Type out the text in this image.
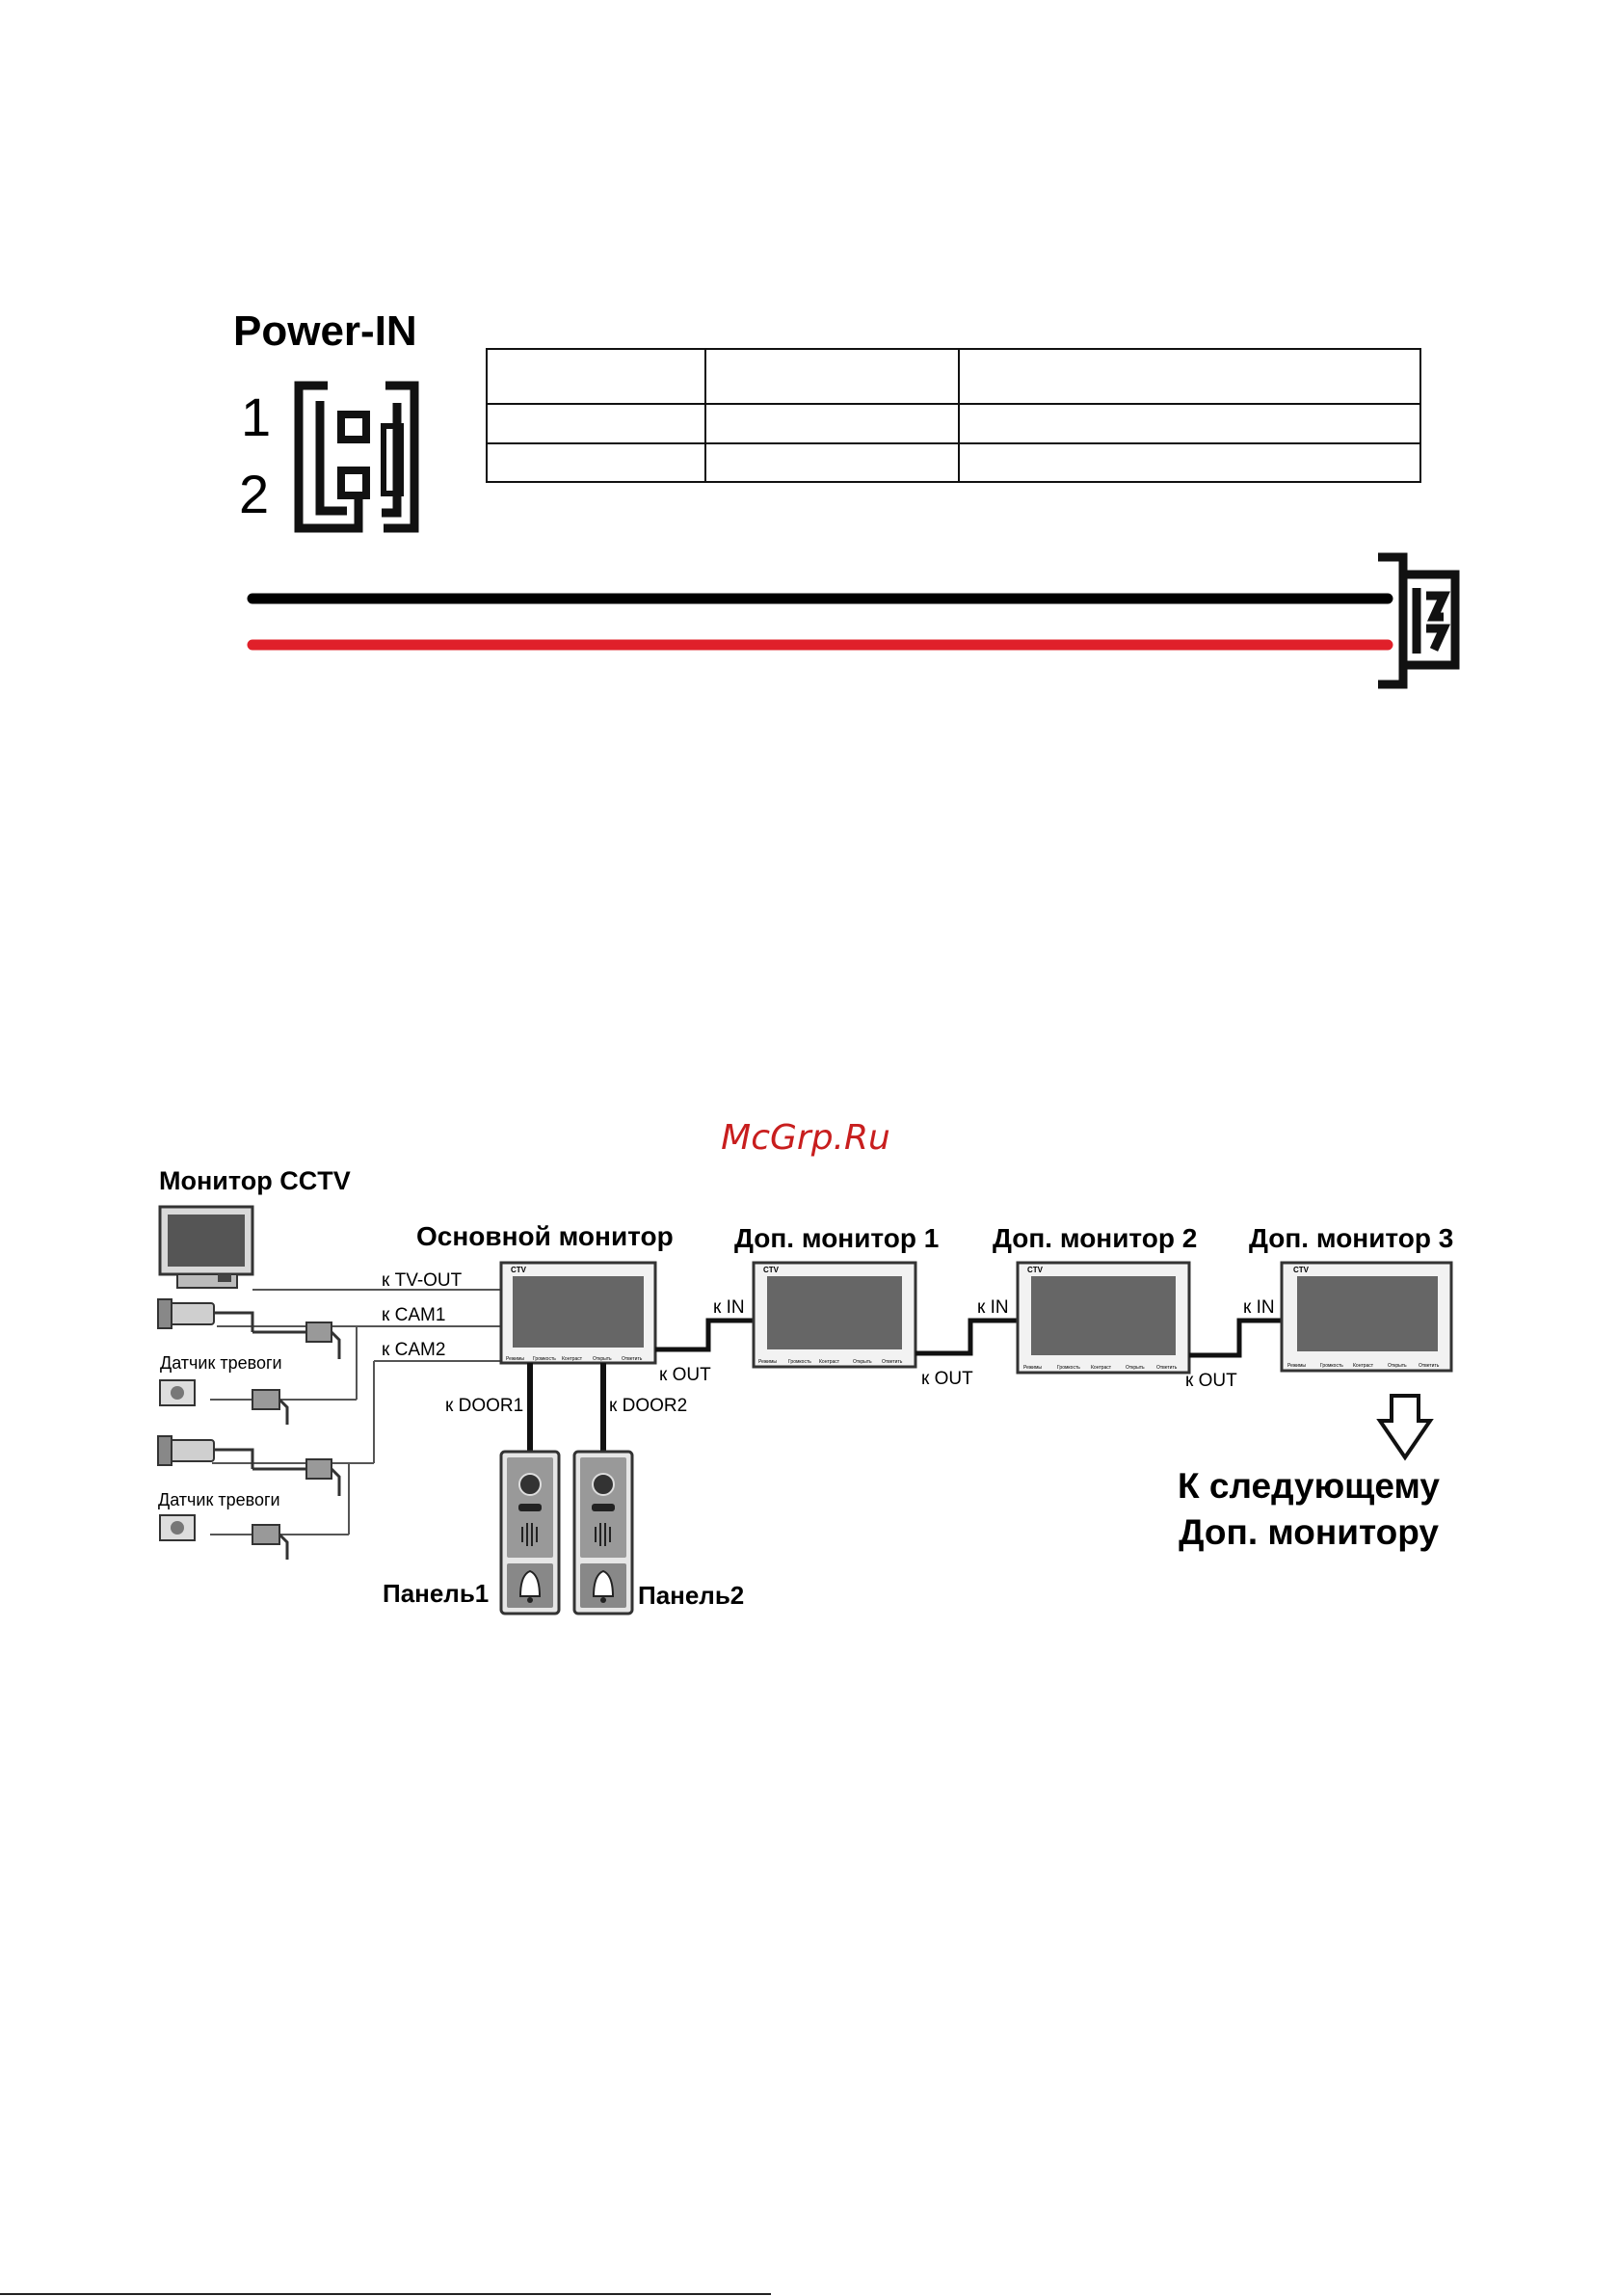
Power-IN
1
2
McGrp.Ru
Монитор CCTV
Основной монитор Доп. монитор 1 Доп. монитор 2 Доп. монитор 3
к TV-OUT
к CAM1
к CAM2
Датчик тревоги
Датчик тревоги
CTV
Режимы Громкость Контраст Открыть Ответить
к OUT
к IN
CTV
Режимы Громкость Контраст	Открыть Ответить
к OUT
к IN
CTV
Режимы	Громкость Контраст	Открыть Ответить
к OUT
к IN
CTV
Режимы	Громкость Контраст	Открыть Ответить
К следующему
Доп. монитору
к DOOR1	к DOOR2
Панель1	Панель2
